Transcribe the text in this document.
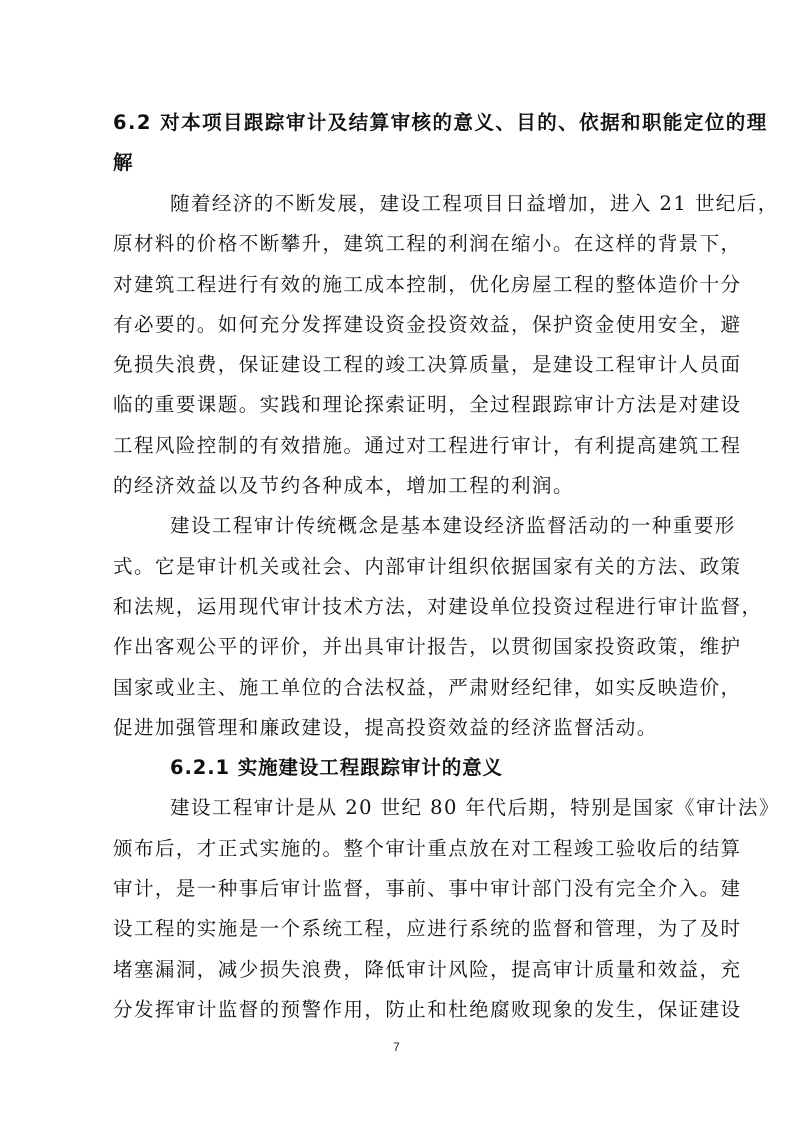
6.2 对本项目跟踪审计及结算审核的意义、目的、依据和职能定位的理
解
随着经济的不断发展，建设工程项目日益增加，进入 21 世纪后，
原材料的价格不断攀升，建筑工程的利润在缩小。在这样的背景下，
对建筑工程进行有效的施工成本控制，优化房屋工程的整体造价十分
有必要的。如何充分发挥建设资金投资效益，保护资金使用安全，避
免损失浪费，保证建设工程的竣工决算质量，是建设工程审计人员面
临的重要课题。实践和理论探索证明，全过程跟踪审计方法是对建设
工程风险控制的有效措施。通过对工程进行审计，有利提高建筑工程
的经济效益以及节约各种成本，增加工程的利润。
建设工程审计传统概念是基本建设经济监督活动的一种重要形
式。它是审计机关或社会、内部审计组织依据国家有关的方法、政策
和法规，运用现代审计技术方法，对建设单位投资过程进行审计监督，
作出客观公平的评价，并出具审计报告，以贯彻国家投资政策，维护
国家或业主、施工单位的合法权益，严肃财经纪律，如实反映造价，
促进加强管理和廉政建设，提高投资效益的经济监督活动。
6.2.1 实施建设工程跟踪审计的意义
建设工程审计是从 20 世纪 80 年代后期，特别是国家《审计法》
颁布后，才正式实施的。整个审计重点放在对工程竣工验收后的结算
审计，是一种事后审计监督，事前、事中审计部门没有完全介入。建
设工程的实施是一个系统工程，应进行系统的监督和管理，为了及时
堵塞漏洞，减少损失浪费，降低审计风险，提高审计质量和效益，充
分发挥审计监督的预警作用，防止和杜绝腐败现象的发生，保证建设
7
